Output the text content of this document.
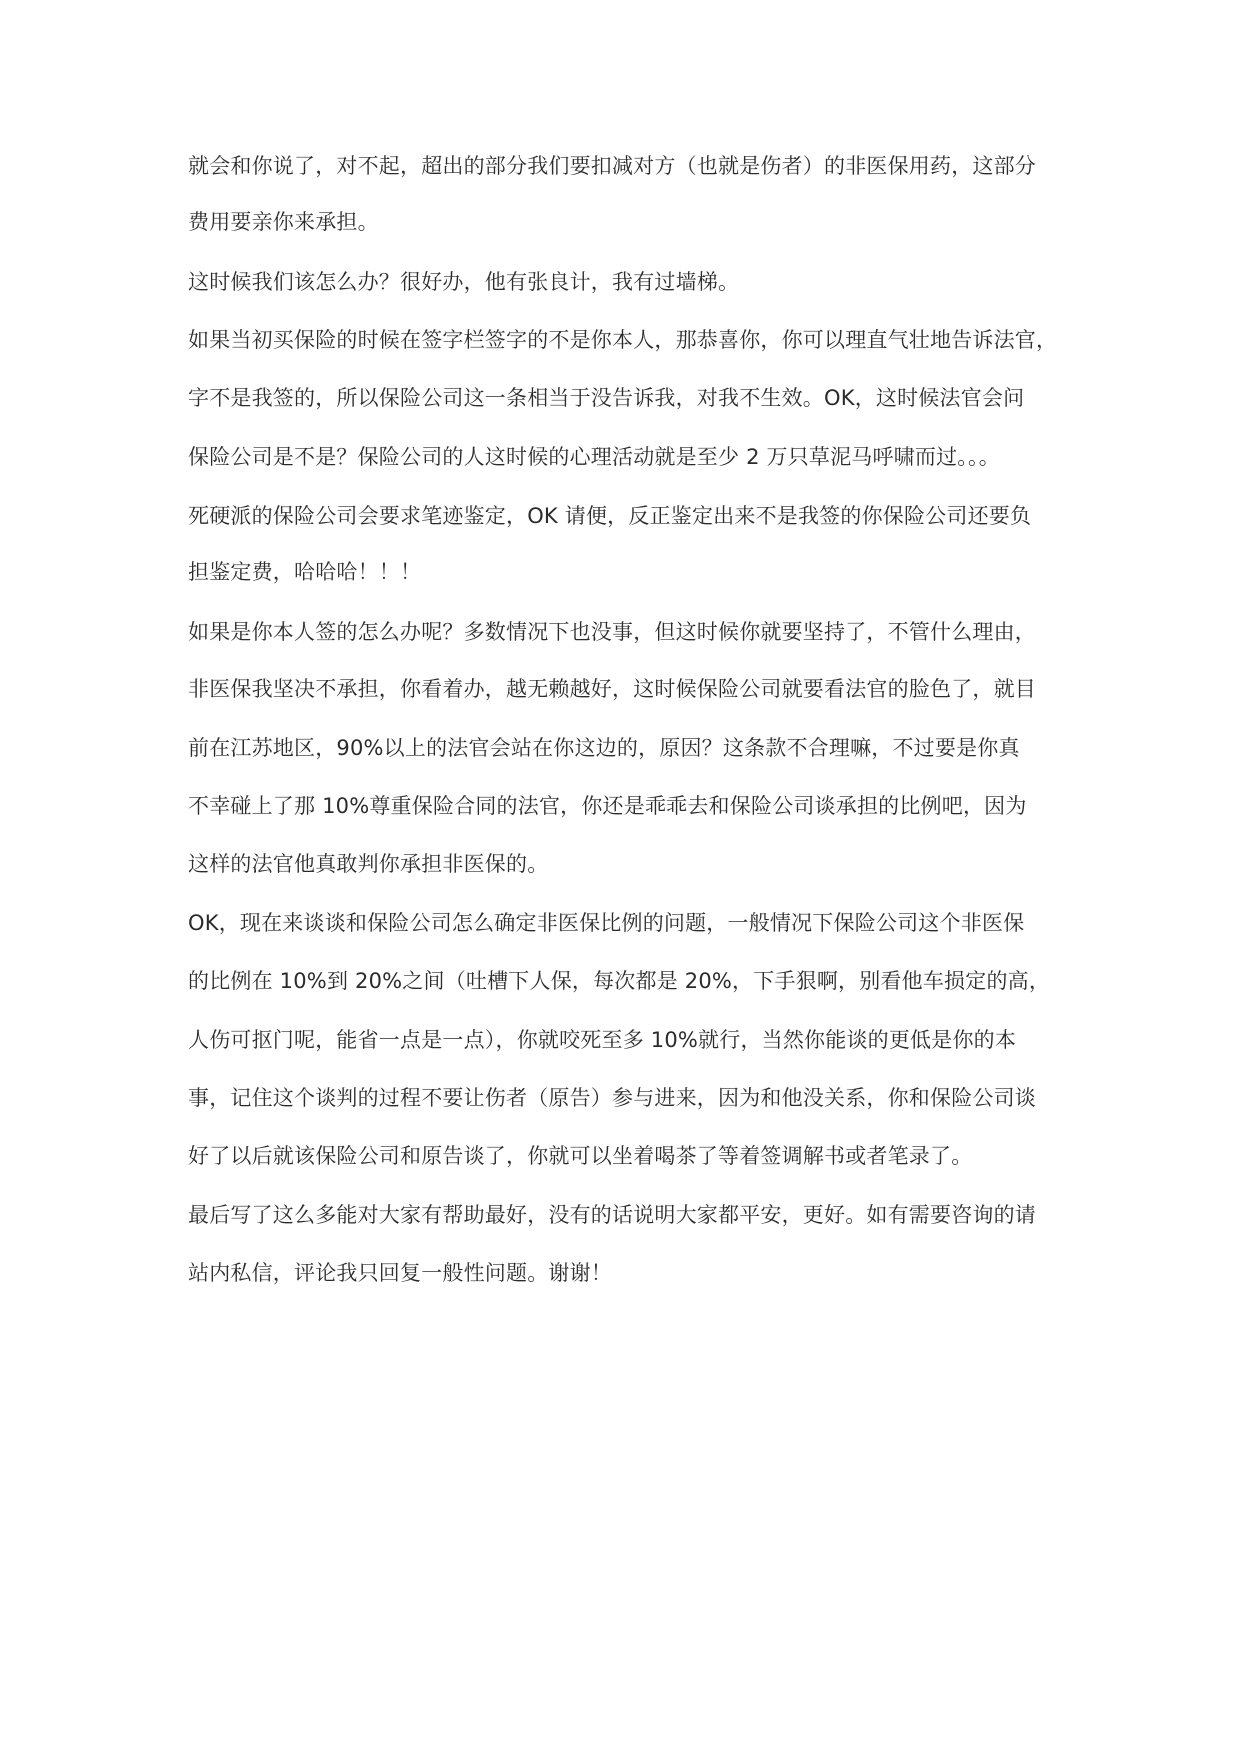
就会和你说了，对不起，超出的部分我们要扣减对方（也就是伤者）的非医保用药，这部分

费用要亲你来承担。

这时候我们该怎么办？很好办，他有张良计，我有过墙梯。

如果当初买保险的时候在签字栏签字的不是你本人，那恭喜你，你可以理直气壮地告诉法官，

字不是我签的，所以保险公司这一条相当于没告诉我，对我不生效。OK，这时候法官会问

保险公司是不是？保险公司的人这时候的心理活动就是至少 2 万只草泥马呼啸而过。。。

死硬派的保险公司会要求笔迹鉴定，OK 请便，反正鉴定出来不是我签的你保险公司还要负

担鉴定费，哈哈哈！！！

如果是你本人签的怎么办呢？多数情况下也没事，但这时候你就要坚持了，不管什么理由，

非医保我坚决不承担，你看着办，越无赖越好，这时候保险公司就要看法官的脸色了，就目

前在江苏地区，90%以上的法官会站在你这边的，原因？这条款不合理嘛，不过要是你真

不幸碰上了那 10%尊重保险合同的法官，你还是乖乖去和保险公司谈承担的比例吧，因为

这样的法官他真敢判你承担非医保的。

OK，现在来谈谈和保险公司怎么确定非医保比例的问题，一般情况下保险公司这个非医保

的比例在 10%到 20%之间（吐槽下人保，每次都是 20%，下手狠啊，别看他车损定的高，

人伤可抠门呢，能省一点是一点），你就咬死至多 10%就行，当然你能谈的更低是你的本

事，记住这个谈判的过程不要让伤者（原告）参与进来，因为和他没关系，你和保险公司谈

好了以后就该保险公司和原告谈了，你就可以坐着喝茶了等着签调解书或者笔录了。

最后写了这么多能对大家有帮助最好，没有的话说明大家都平安，更好。如有需要咨询的请

站内私信，评论我只回复一般性问题。谢谢！
